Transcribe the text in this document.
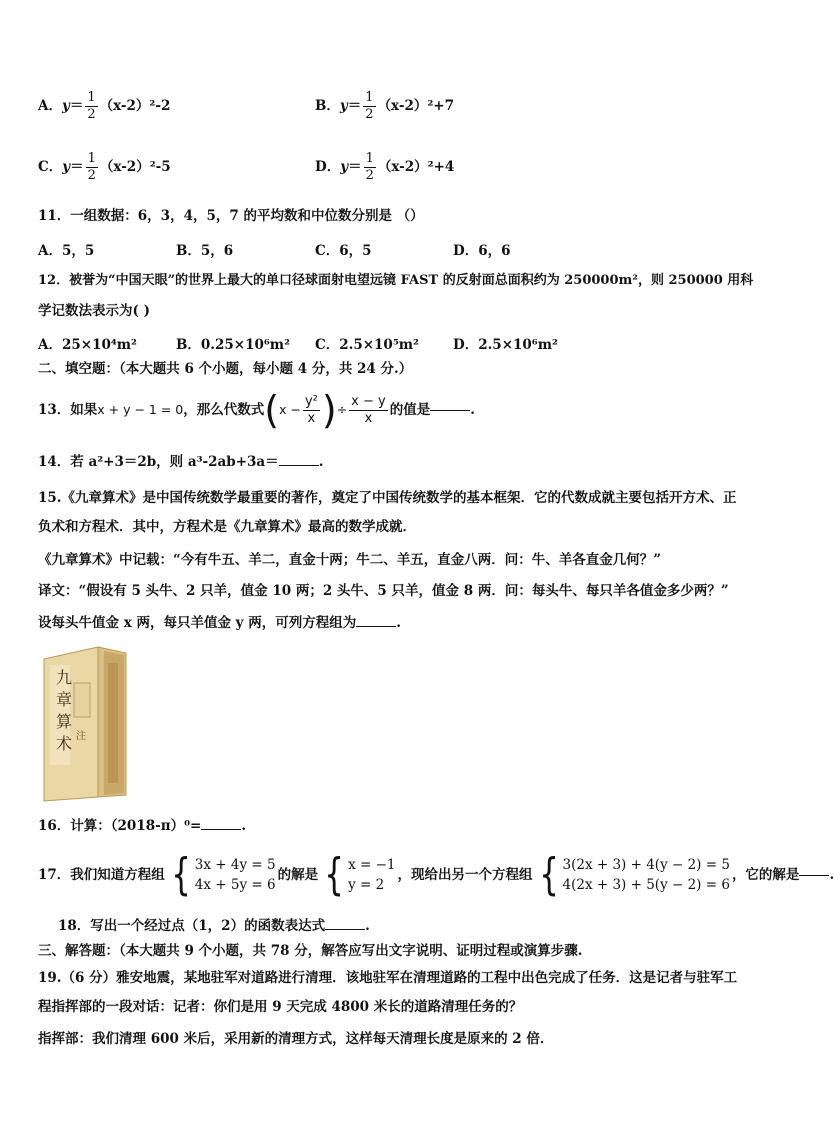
A．$y= \frac{1}{2} (x-2)^2-2$	B．$y= \frac{1}{2} (x-2)^2+7$
C．$y= \frac{1}{2} (x-2)^2-5$	D．$y= \frac{1}{2} (x-2)^2+4$
11．一组数据：6，3，4，5，7 的平均数和中位数分别是 （）
A．5，5	B．5，6	C．6，5	D．6，6
12．被誉为“中国天眼”的世界上最大的单口径球面射电望远镜 FAST 的反射面总面积约为 250000m²，则 250000 用科
学记数法表示为( )
A．25×10⁴m²	B．0.25×10⁶m² C．2.5×10⁵m²	D．2.5×10⁶m²
二、填空题：（本大题共 6 个小题，每小题 4 分，共 24 分.）
13．如果 x + y − 1 = 0 ，那么代数式 ( $x - \frac{\text{y²}}{x}$ ) ÷ $\frac{x - y}{x}$ 的值是	.
14．若 a²+3＝2b，则 a³-2ab+3a＝	.
15.《九章算术》是中国传统数学最重要的著作，奠定了中国传统数学的基本框架．它的代数成就主要包括开方术、正
负术和方程术．其中，方程术是《九章算术》最高的数学成就．
《九章算术》中记载：“今有牛五、羊二，直金十两；牛二、羊五，直金八两．问：牛、羊各直金几何？”
译文：“假设有 5 头牛、2 只羊，值金 10 两；2 头牛、5 只羊，值金 8 两．问：每头牛、每只羊各值金多少两？”
设每头牛值金 x 两，每只羊值金 y 两，可列方程组为	.
九
章
算
术 注
16．计算：（2018-π）⁰=	.
17．我们知道方程组 { 3x + 4y = 5
4x + 5y = 6
的解是 { x = −1
y = 2
，现给出另一个方程组 { 3(2x + 3) + 4(y − 2) = 5
4(2x + 3) + 5(y − 2) = 6
，它的解是 .
18．写出一个经过点（1，2）的函数表达式	.
三、解答题：（本大题共 9 个小题，共 78 分，解答应写出文字说明、证明过程或演算步骤.
19.（6 分）雅安地震，某地驻军对道路进行清理．该地驻军在清理道路的工程中出色完成了任务．这是记者与驻军工
程指挥部的一段对话：记者：你们是用 9 天完成 4800 米长的道路清理任务的？
指挥部：我们清理 600 米后，采用新的清理方式，这样每天清理长度是原来的 2 倍．
